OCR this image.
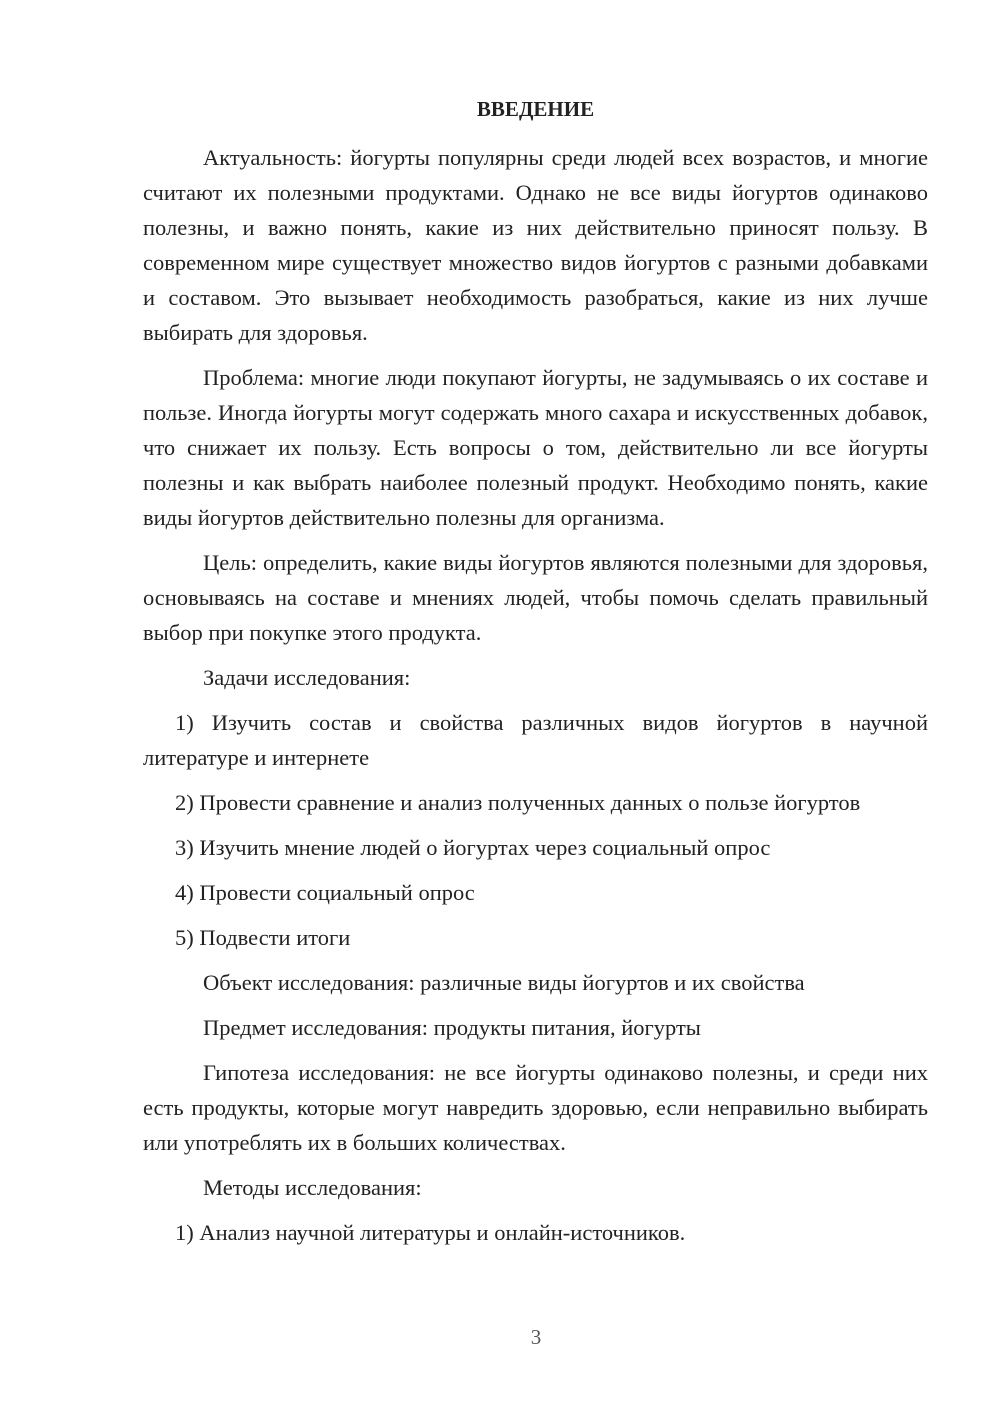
ВВЕДЕНИЕ

Актуальность: йогурты популярны среди людей всех возрастов, и многие считают их полезными продуктами. Однако не все виды йогуртов одинаково полезны, и важно понять, какие из них действительно приносят пользу. В современном мире существует множество видов йогуртов с разными добавками и составом. Это вызывает необходимость разобраться, какие из них лучше выбирать для здоровья.

Проблема: многие люди покупают йогурты, не задумываясь о их составе и пользе. Иногда йогурты могут содержать много сахара и искусственных добавок, что снижает их пользу. Есть вопросы о том, действительно ли все йогурты полезны и как выбрать наиболее полезный продукт. Необходимо понять, какие виды йогуртов действительно полезны для организма.

Цель: определить, какие виды йогуртов являются полезными для здоровья, основываясь на составе и мнениях людей, чтобы помочь сделать правильный выбор при покупке этого продукта.

Задачи исследования:

1) Изучить состав и свойства различных видов йогуртов в научной литературе и интернете

2) Провести сравнение и анализ полученных данных о пользе йогуртов

3) Изучить мнение людей о йогуртах через социальный опрос

4) Провести социальный опрос

5) Подвести итоги

Объект исследования: различные виды йогуртов и их свойства

Предмет исследования: продукты питания, йогурты

Гипотеза исследования: не все йогурты одинаково полезны, и среди них есть продукты, которые могут навредить здоровью, если неправильно выбирать или употреблять их в больших количествах.

Методы исследования:

1) Анализ научной литературы и онлайн-источников.

3
